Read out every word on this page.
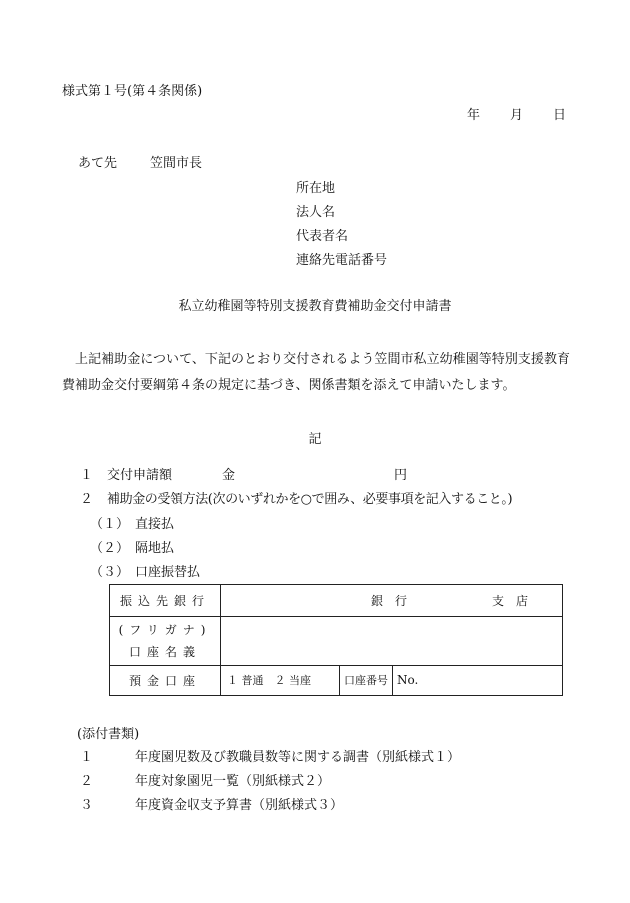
様式第１号(第４条関係)
年 月 日
あて先	笠間市長
所在地
法人名
代表者名
連絡先電話番号
私立幼稚園等特別支援教育費補助金交付申請書
　上記補助金について、下記のとおり交付されるよう笠間市私立幼稚園等特別支援教育費補助金交付要綱第４条の規定に基づき、関係書類を添えて申請いたします。
記
１ 交付申請額	金	円
２ 補助金の受領方法(次のいずれかを○で囲み、必要事項を記入すること。)
（１） 直接払
（２） 隔地払
（３） 口座振替払
振込先銀行	銀　行 支　店		

(フリガナ)
口座名義			

預金口座	１ 普通　２ 当座	口座番号	No.
(添付書類)
１	年度園児数及び教職員数等に関する調書（別紙様式１）
２	年度対象園児一覧（別紙様式２）
３	年度資金収支予算書（別紙様式３）
